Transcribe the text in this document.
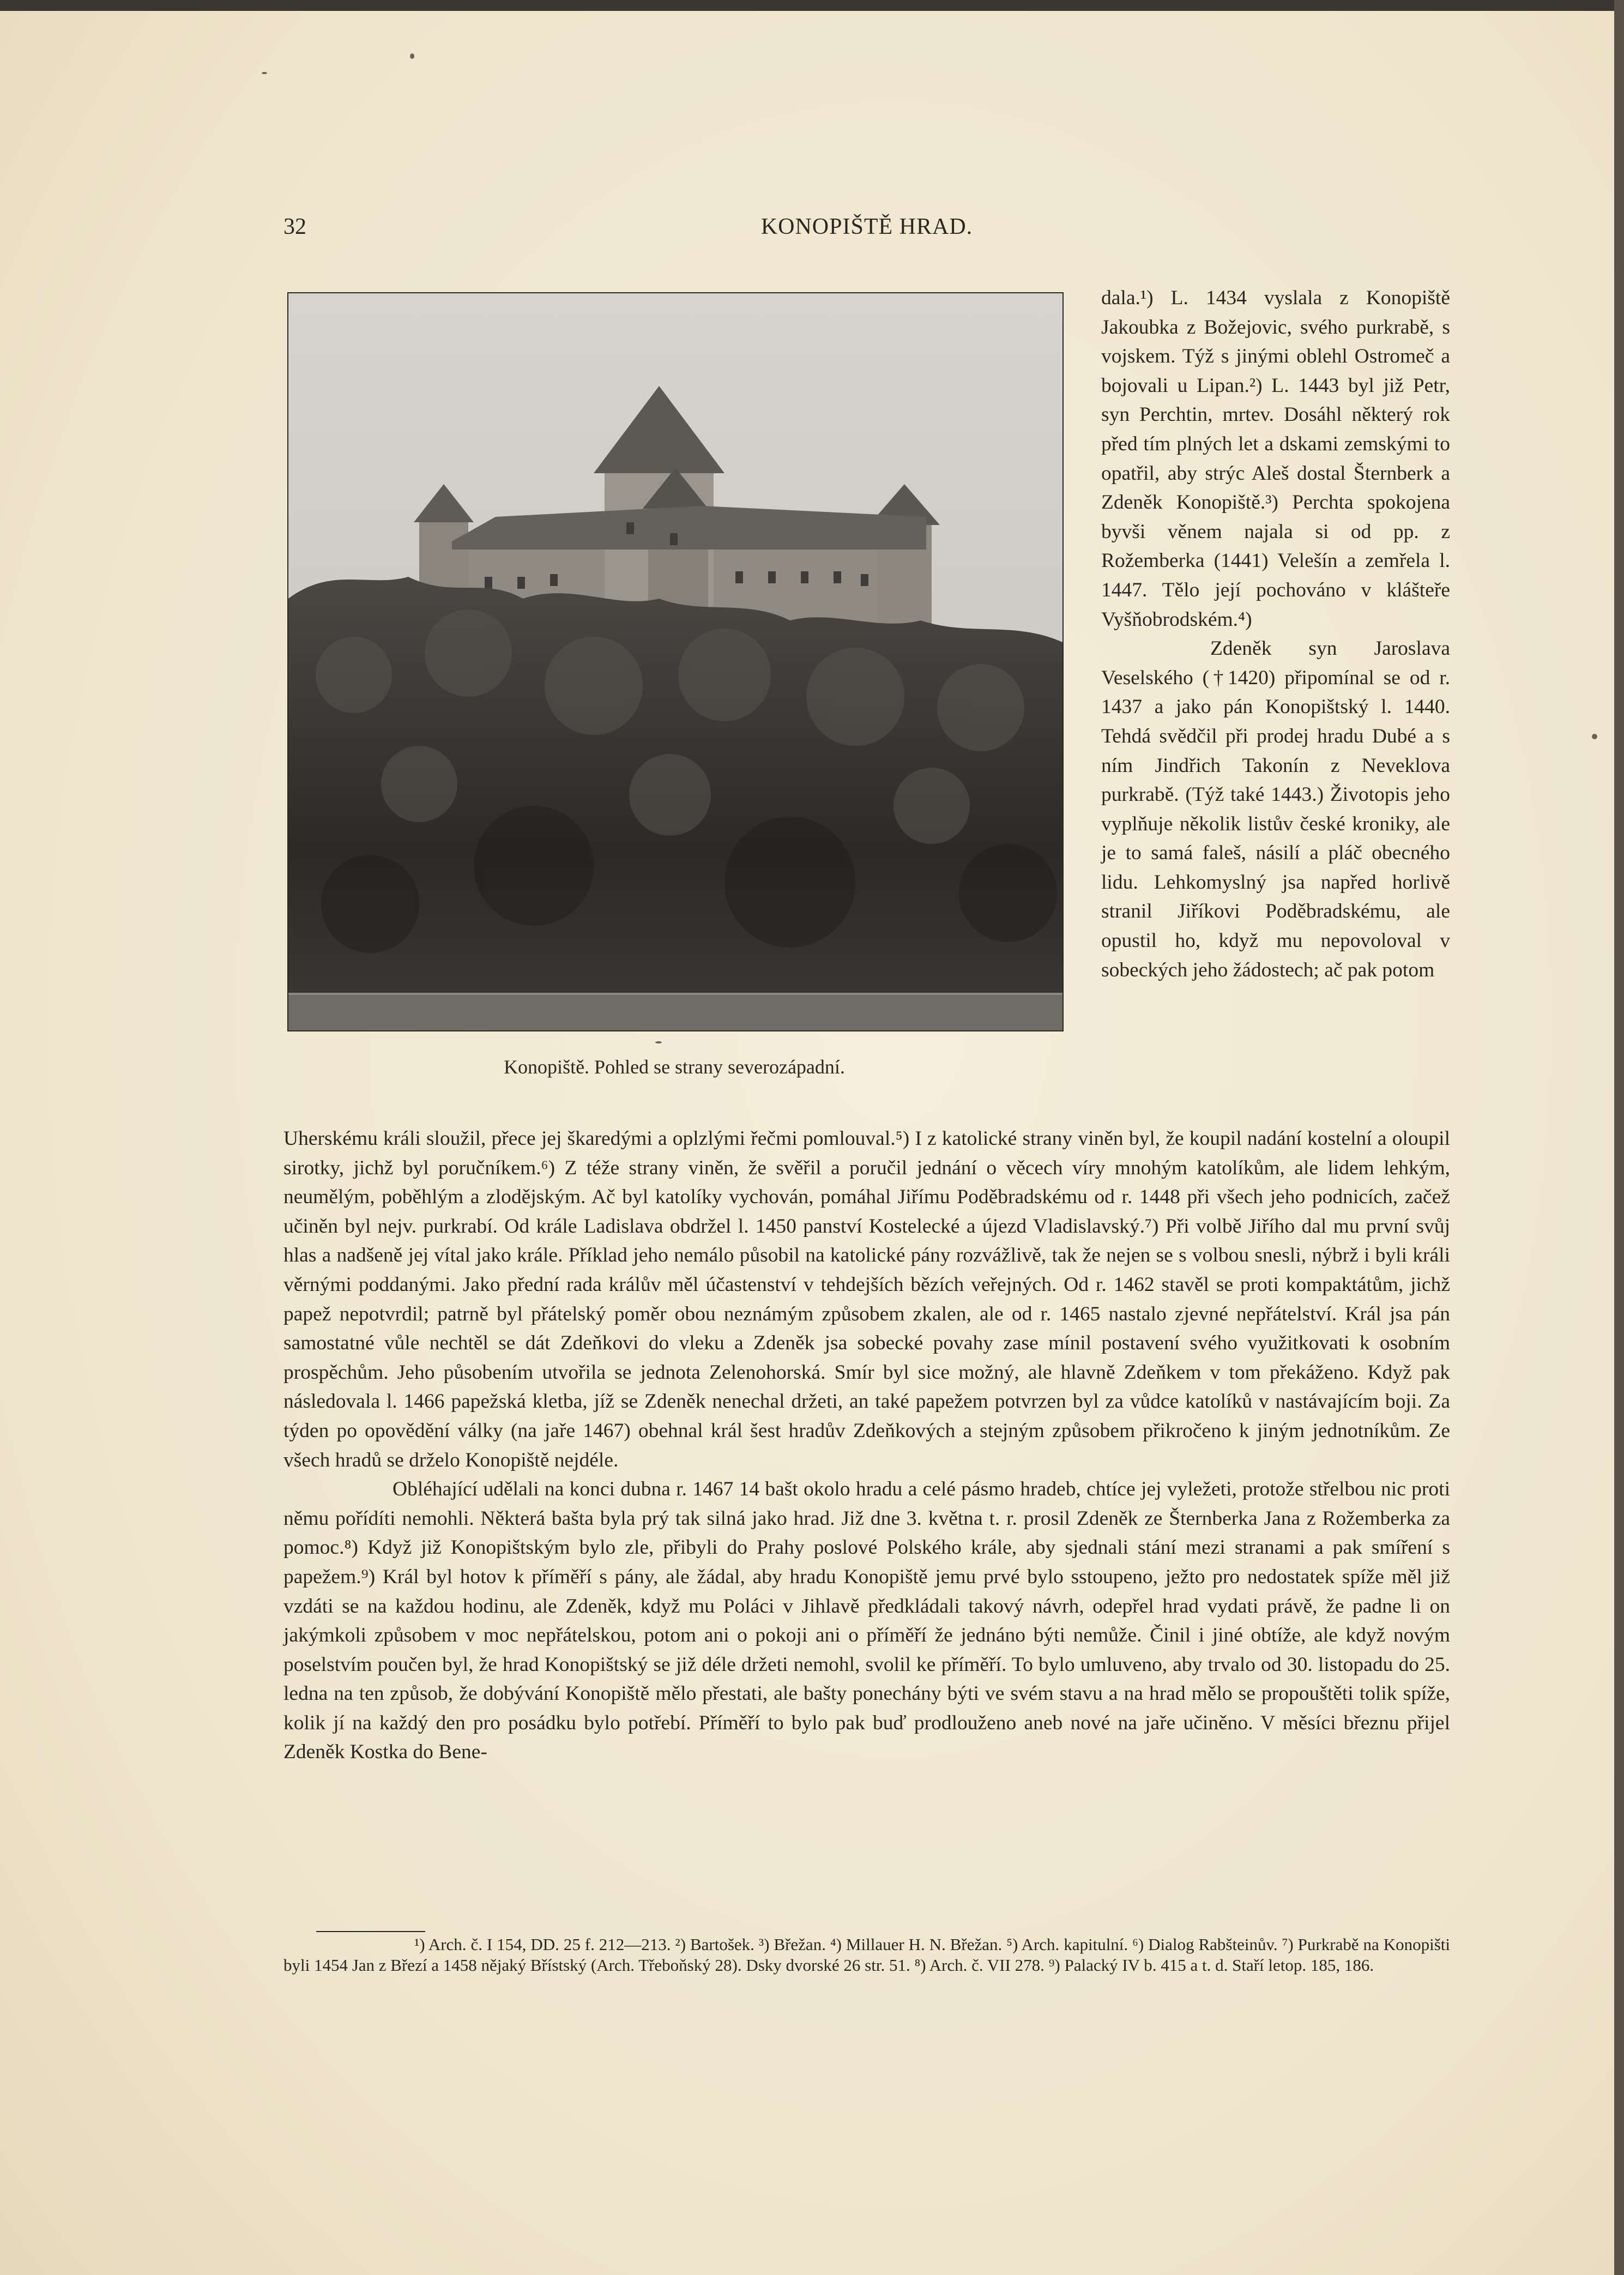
32	KONOPIŠTĚ HRAD.
Konopiště. Pohled se strany severozápadní.

dala.¹) L. 1434 vyslala z Konopiště Jakoubka z Božejovic, svého purkrabě, s vojskem. Týž s jinými oblehl Ostromeč a bojovali u Lipan.²) L. 1443 byl již Petr, syn Perchtin, mrtev. Dosáhl některý rok před tím plných let a dskami zemskými to opatřil, aby strýc Aleš dostal Šternberk a Zdeněk Konopiště.³) Perchta spokojena byvši věnem najala si od pp. z Rožemberka (1441) Velešín a zemřela l. 1447. Tělo její pochováno v klášteře Vyšňobrodském.⁴)

Zdeněk syn Jaroslava Veselského (†1420) připomínal se od r. 1437 a jako pán Konopištský l. 1440. Tehdá svědčil při prodej hradu Dubé a s ním Jindřich Takonín z Neveklova purkrabě. (Týž také 1443.) Životopis jeho vyplňuje několik listův české kroniky, ale je to samá faleš, násilí a pláč obecného lidu. Lehkomyslný jsa napřed horlivě stranil Jiříkovi Poděbradskému, ale opustil ho, když mu nepovoloval v sobeckých jeho žádostech; ač pak potom

Uherskému králi sloužil, přece jej škaredými a oplzlými řečmi pomlouval.⁵) I z katolické strany viněn byl, že koupil nadání kostelní a oloupil sirotky, jichž byl poručníkem.⁶) Z téže strany viněn, že svěřil a poručil jednání o věcech víry mnohým katolíkům, ale lidem lehkým, neumělým, poběhlým a zlodějským. Ač byl katolíky vychován, pomáhal Jiřímu Poděbradskému od r. 1448 při všech jeho podnicích, začež učiněn byl nejv. purkrabí. Od krále Ladislava obdržel l. 1450 panství Kostelecké a újezd Vladislavský.⁷) Při volbě Jiřího dal mu první svůj hlas a nadšeně jej vítal jako krále. Příklad jeho nemálo působil na katolické pány rozvážlivě, tak že nejen se s volbou snesli, nýbrž i byli králi věrnými poddanými. Jako přední rada králův měl účastenství v tehdejších bězích veřejných. Od r. 1462 stavěl se proti kompaktátům, jichž papež nepotvrdil; patrně byl přátelský poměr obou neznámým způsobem zkalen, ale od r. 1465 nastalo zjevné nepřátelství. Král jsa pán samostatné vůle nechtěl se dát Zdeňkovi do vleku a Zdeněk jsa sobecké povahy zase mínil postavení svého využitkovati k osobním prospěchům. Jeho působením utvořila se jednota Zelenohorská. Smír byl sice možný, ale hlavně Zdeňkem v tom překáženo. Když pak následovala l. 1466 papežská kletba, jíž se Zdeněk nenechal držeti, an také papežem potvrzen byl za vůdce katolíků v nastávajícím boji. Za týden po opovědění války (na jaře 1467) obehnal král šest hradův Zdeňkových a stejným způsobem přikročeno k jiným jednotníkům. Ze všech hradů se drželo Konopiště nejdéle.

Obléhající udělali na konci dubna r. 1467 14 bašt okolo hradu a celé pásmo hradeb, chtíce jej vyležeti, protože střelbou nic proti němu pořídíti nemohli. Některá bašta byla prý tak silná jako hrad. Již dne 3. května t. r. prosil Zdeněk ze Šternberka Jana z Rožemberka za pomoc.⁸) Když již Konopištským bylo zle, přibyli do Prahy poslové Polského krále, aby sjednali stání mezi stranami a pak smíření s papežem.⁹) Král byl hotov k příměří s pány, ale žádal, aby hradu Konopiště jemu prvé bylo sstoupeno, ježto pro nedostatek spíže měl již vzdáti se na každou hodinu, ale Zdeněk, když mu Poláci v Jihlavě předkládali takový návrh, odepřel hrad vydati právě, že padne li on jakýmkoli způsobem v moc nepřátelskou, potom ani o pokoji ani o příměří že jednáno býti nemůže. Činil i jiné obtíže, ale když novým poselstvím poučen byl, že hrad Konopištský se již déle držeti nemohl, svolil ke příměří. To bylo umluveno, aby trvalo od 30. listopadu do 25. ledna na ten způsob, že dobývání Konopiště mělo přestati, ale bašty ponechány býti ve svém stavu a na hrad mělo se propouštěti tolik spíže, kolik jí na každý den pro posádku bylo potřebí. Příměří to bylo pak buď prodlouženo aneb nové na jaře učiněno. V měsíci březnu přijel Zdeněk Kostka do Bene-

¹) Arch. č. I 154, DD. 25 f. 212—213. ²) Bartošek. ³) Břežan. ⁴) Millauer H. N. Břežan. ⁵) Arch. kapitulní. ⁶) Dialog Rabšteinův. ⁷) Purkrabě na Konopišti byli 1454 Jan z Březí a 1458 nějaký Břístský (Arch. Třeboňský 28). Dsky dvorské 26 str. 51. ⁸) Arch. č. VII 278. ⁹) Palacký IV b. 415 a t. d. Staří letop. 185, 186.
